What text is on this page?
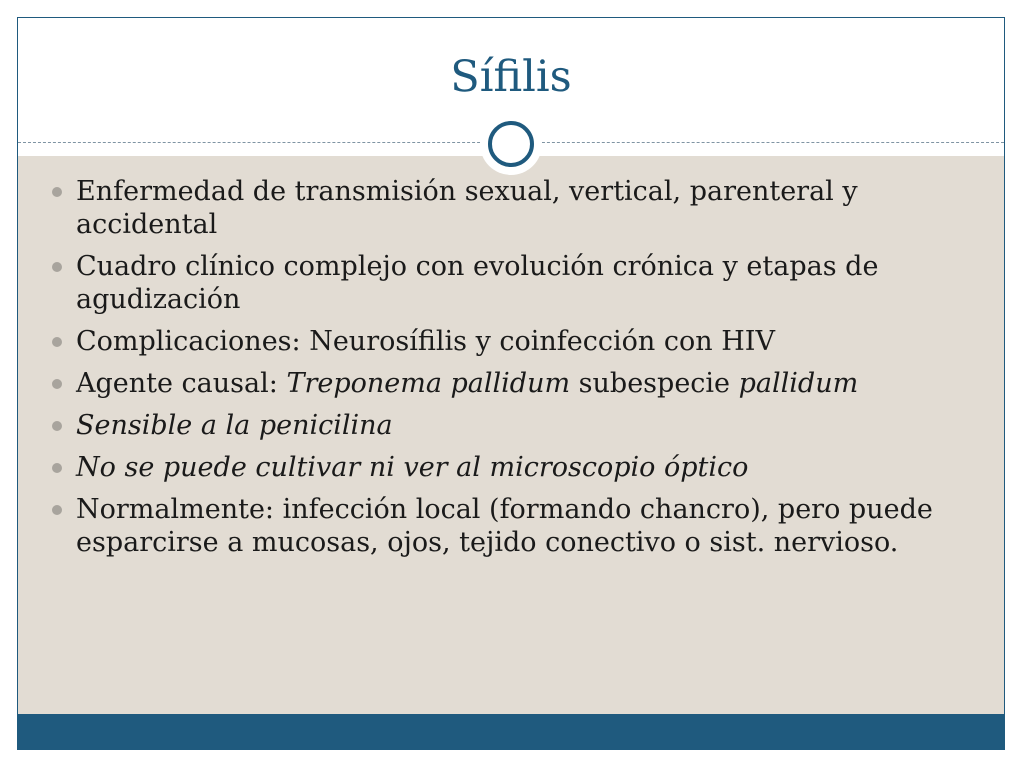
Sífilis
Enfermedad de transmisión sexual, vertical, parenteral y accidental
Cuadro clínico complejo con evolución crónica y etapas de agudización
Complicaciones: Neurosífilis y coinfección con HIV
Agente causal: Treponema pallidum subespecie pallidum
Sensible a la penicilina
No se puede cultivar ni ver al microscopio óptico
Normalmente: infección local (formando chancro), pero puede esparcirse a mucosas, ojos, tejido conectivo o sist. nervioso.
